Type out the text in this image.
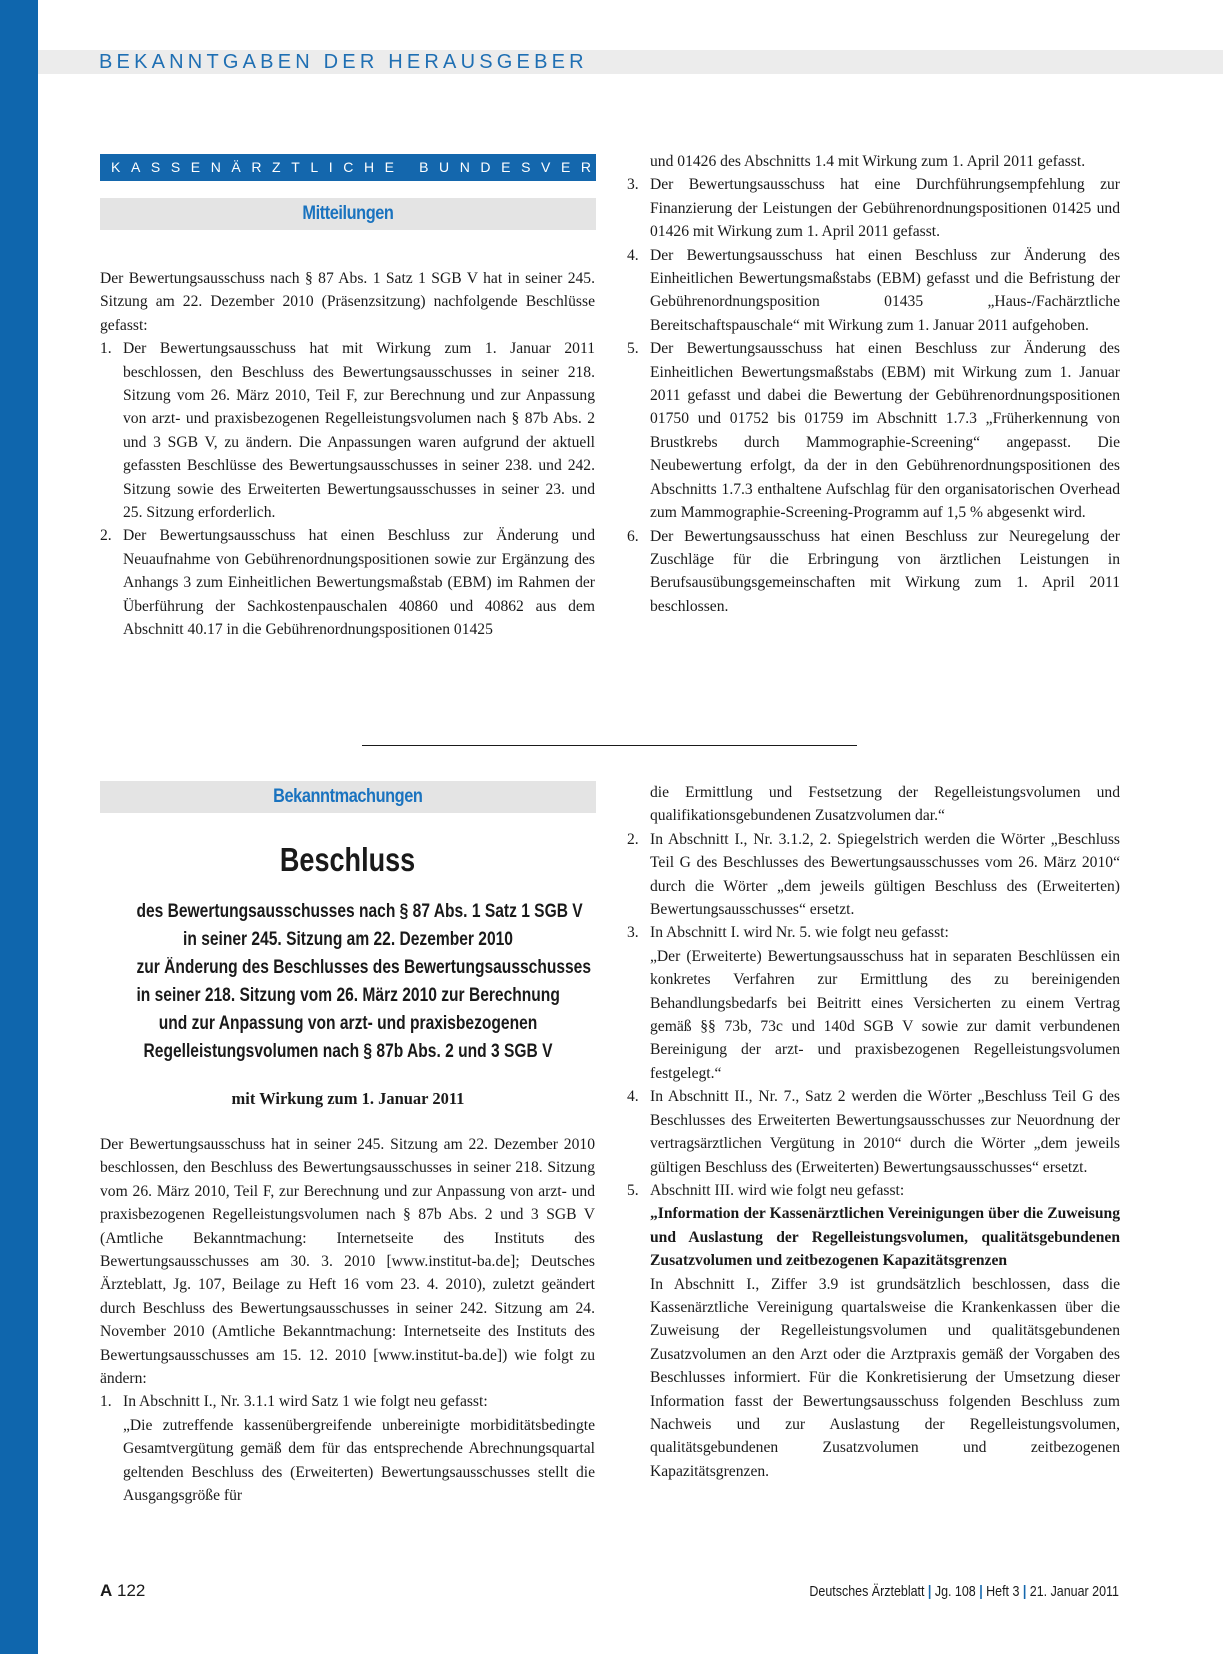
BEKANNTGABEN DER HERAUSGEBER
KASSENÄRZTLICHE BUNDESVEREINIGUNG
Mitteilungen

Der Bewertungsausschuss nach § 87 Abs. 1 Satz 1 SGB V hat in seiner 245. Sitzung am 22. Dezember 2010 (Präsenzsitzung) nachfolgende Beschlüsse gefasst:

1. Der Bewertungsausschuss hat mit Wirkung zum 1. Januar 2011 beschlossen, den Beschluss des Bewertungsausschusses in seiner 218. Sitzung vom 26. März 2010, Teil F, zur Berechnung und zur Anpassung von arzt- und praxisbezogenen Regelleistungsvolumen nach § 87b Abs. 2 und 3 SGB V, zu ändern. Die Anpassungen waren aufgrund der aktuell gefassten Beschlüsse des Bewertungsausschusses in seiner 238. und 242. Sitzung sowie des Erweiterten Bewertungsausschusses in seiner 23. und 25. Sitzung erforderlich.
2. Der Bewertungsausschuss hat einen Beschluss zur Änderung und Neuaufnahme von Gebührenordnungspositionen sowie zur Ergänzung des Anhangs 3 zum Einheitlichen Bewertungsmaßstab (EBM) im Rahmen der Überführung der Sachkostenpauschalen 40860 und 40862 aus dem Abschnitt 40.17 in die Gebührenordnungspositionen 01425

und 01426 des Abschnitts 1.4 mit Wirkung zum 1. April 2011 gefasst.

3. Der Bewertungsausschuss hat eine Durchführungsempfehlung zur Finanzierung der Leistungen der Gebührenordnungspositionen 01425 und 01426 mit Wirkung zum 1. April 2011 gefasst.
4. Der Bewertungsausschuss hat einen Beschluss zur Änderung des Einheitlichen Bewertungsmaßstabs (EBM) gefasst und die Befristung der Gebührenordnungsposition 01435 „Haus-/Fachärztliche Bereitschaftspauschale“ mit Wirkung zum 1. Januar 2011 aufgehoben.
5. Der Bewertungsausschuss hat einen Beschluss zur Änderung des Einheitlichen Bewertungsmaßstabs (EBM) mit Wirkung zum 1. Januar 2011 gefasst und dabei die Bewertung der Gebührenordnungspositionen 01750 und 01752 bis 01759 im Abschnitt 1.7.3 „Früherkennung von Brustkrebs durch Mammographie-Screening“ angepasst. Die Neubewertung erfolgt, da der in den Gebührenordnungspositionen des Abschnitts 1.7.3 enthaltene Aufschlag für den organisatorischen Overhead zum Mammographie-Screening-Programm auf 1,5 % abgesenkt wird.
6. Der Bewertungsausschuss hat einen Beschluss zur Neuregelung der Zuschläge für die Erbringung von ärztlichen Leistungen in Berufsausübungsgemeinschaften mit Wirkung zum 1. April 2011 beschlossen.
Bekanntmachungen
Beschluss
des Bewertungsausschusses nach § 87 Abs. 1 Satz 1 SGB V
in seiner 245. Sitzung am 22. Dezember 2010
zur Änderung des Beschlusses des Bewertungsausschusses
in seiner 218. Sitzung vom 26. März 2010 zur Berechnung
und zur Anpassung von arzt- und praxisbezogenen
Regelleistungsvolumen nach § 87b Abs. 2 und 3 SGB V
mit Wirkung zum 1. Januar 2011

Der Bewertungsausschuss hat in seiner 245. Sitzung am 22. Dezember 2010 beschlossen, den Beschluss des Bewertungsausschusses in seiner 218. Sitzung vom 26. März 2010, Teil F, zur Berechnung und zur Anpassung von arzt- und praxisbezogenen Regelleistungsvolumen nach § 87b Abs. 2 und 3 SGB V (Amtliche Bekanntmachung: Internetseite des Instituts des Bewertungsausschusses am 30. 3. 2010 [www.institut-ba.de]; Deutsches Ärzteblatt, Jg. 107, Beilage zu Heft 16 vom 23. 4. 2010), zuletzt geändert durch Beschluss des Bewertungsausschusses in seiner 242. Sitzung am 24. November 2010 (Amtliche Bekanntmachung: Internetseite des Instituts des Bewertungsausschusses am 15. 12. 2010 [www.institut-ba.de]) wie folgt zu ändern:

1. In Abschnitt I., Nr. 3.1.1 wird Satz 1 wie folgt neu gefasst:
„Die zutreffende kassenübergreifende unbereinigte morbiditätsbedingte Gesamtvergütung gemäß dem für das entsprechende Abrechnungsquartal geltenden Beschluss des (Erweiterten) Bewertungsausschusses stellt die Ausgangsgröße für

die Ermittlung und Festsetzung der Regelleistungsvolumen und qualifikationsgebundenen Zusatzvolumen dar.“

2. In Abschnitt I., Nr. 3.1.2, 2. Spiegelstrich werden die Wörter „Beschluss Teil G des Beschlusses des Bewertungsausschusses vom 26. März 2010“ durch die Wörter „dem jeweils gültigen Beschluss des (Erweiterten) Bewertungsausschusses“ ersetzt.
3. In Abschnitt I. wird Nr. 5. wie folgt neu gefasst:
„Der (Erweiterte) Bewertungsausschuss hat in separaten Beschlüssen ein konkretes Verfahren zur Ermittlung des zu bereinigenden Behandlungsbedarfs bei Beitritt eines Versicherten zu einem Vertrag gemäß §§ 73b, 73c und 140d SGB V sowie zur damit verbundenen Bereinigung der arzt- und praxisbezogenen Regelleistungsvolumen festgelegt.“
4. In Abschnitt II., Nr. 7., Satz 2 werden die Wörter „Beschluss Teil G des Beschlusses des Erweiterten Bewertungsausschusses zur Neuordnung der vertragsärztlichen Vergütung in 2010“ durch die Wörter „dem jeweils gültigen Beschluss des (Erweiterten) Bewertungsausschusses“ ersetzt.
5. Abschnitt III. wird wie folgt neu gefasst:
„Information der Kassenärztlichen Vereinigungen über die Zuweisung und Auslastung der Regelleistungsvolumen, qualitätsgebundenen Zusatzvolumen und zeitbezogenen Kapazitätsgrenzen
In Abschnitt I., Ziffer 3.9 ist grundsätzlich beschlossen, dass die Kassenärztliche Vereinigung quartalsweise die Krankenkassen über die Zuweisung der Regelleistungsvolumen und qualitätsgebundenen Zusatzvolumen an den Arzt oder die Arztpraxis gemäß der Vorgaben des Beschlusses informiert. Für die Konkretisierung der Umsetzung dieser Information fasst der Bewertungsausschuss folgenden Beschluss zum Nachweis und zur Auslastung der Regelleistungsvolumen, qualitätsgebundenen Zusatzvolumen und zeitbezogenen Kapazitätsgrenzen.
A 122	Deutsches Ärzteblatt | Jg. 108 | Heft 3 | 21. Januar 2011
